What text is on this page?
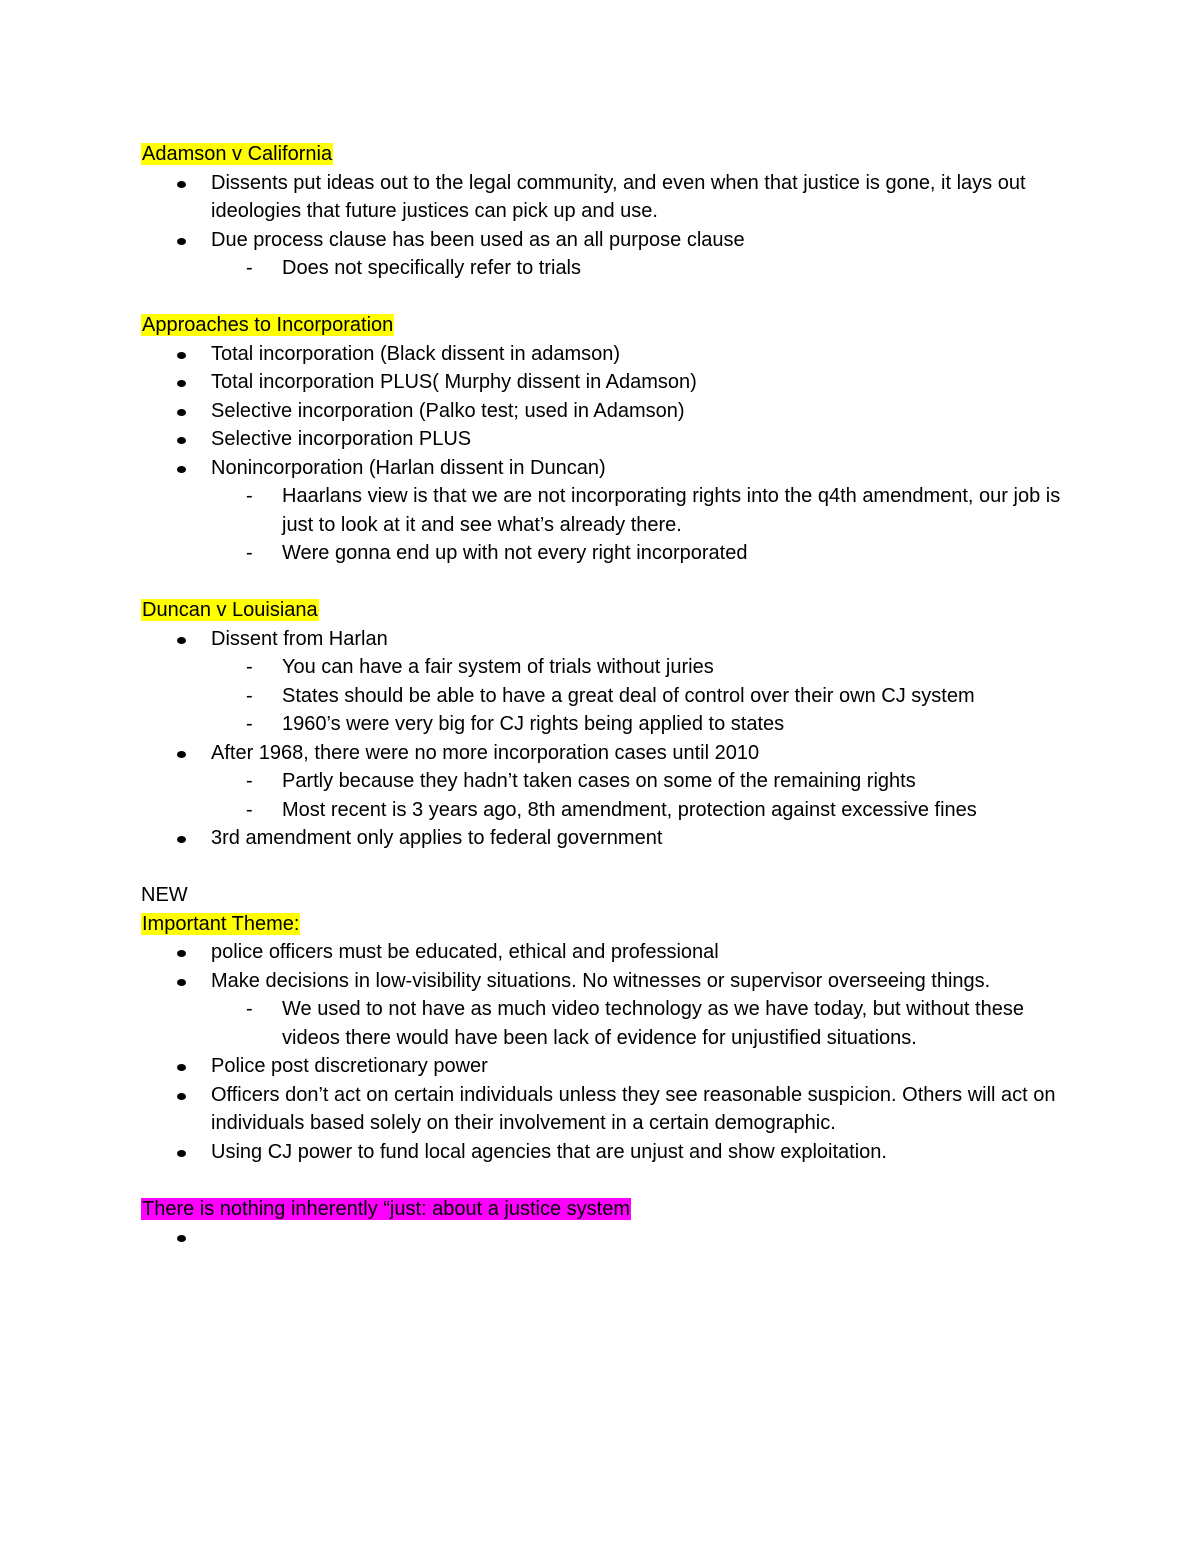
Adamson v California
Dissents put ideas out to the legal community, and even when that justice is gone, it lays out ideologies that future justices can pick up and use.
Due process clause has been used as an all purpose clause
- Does not specifically refer to trials
Approaches to Incorporation
Total incorporation (Black dissent in adamson)
Total incorporation PLUS( Murphy dissent in Adamson)
Selective incorporation (Palko test; used in Adamson)
Selective incorporation PLUS
Nonincorporation (Harlan dissent in Duncan)
- Haarlans view is that we are not incorporating rights into the q4th amendment, our job is just to look at it and see what’s already there.
- Were gonna end up with not every right incorporated
Duncan v Louisiana
Dissent from Harlan
- You can have a fair system of trials without juries
- States should be able to have a great deal of control over their own CJ system
- 1960’s were very big for CJ rights being applied to states
After 1968, there were no more incorporation cases until 2010
- Partly because they hadn’t taken cases on some of the remaining rights
- Most recent is 3 years ago, 8th amendment, protection against excessive fines
3rd amendment only applies to federal government
NEW
Important Theme:
police officers must be educated, ethical and professional
Make decisions in low-visibility situations. No witnesses or supervisor overseeing things.
- We used to not have as much video technology as we have today, but without these videos there would have been lack of evidence for unjustified situations.
Police post discretionary power
Officers don’t act on certain individuals unless they see reasonable suspicion. Others will act on individuals based solely on their involvement in a certain demographic.
Using CJ power to fund local agencies that are unjust and show exploitation.
There is nothing inherently “just: about a justice system
